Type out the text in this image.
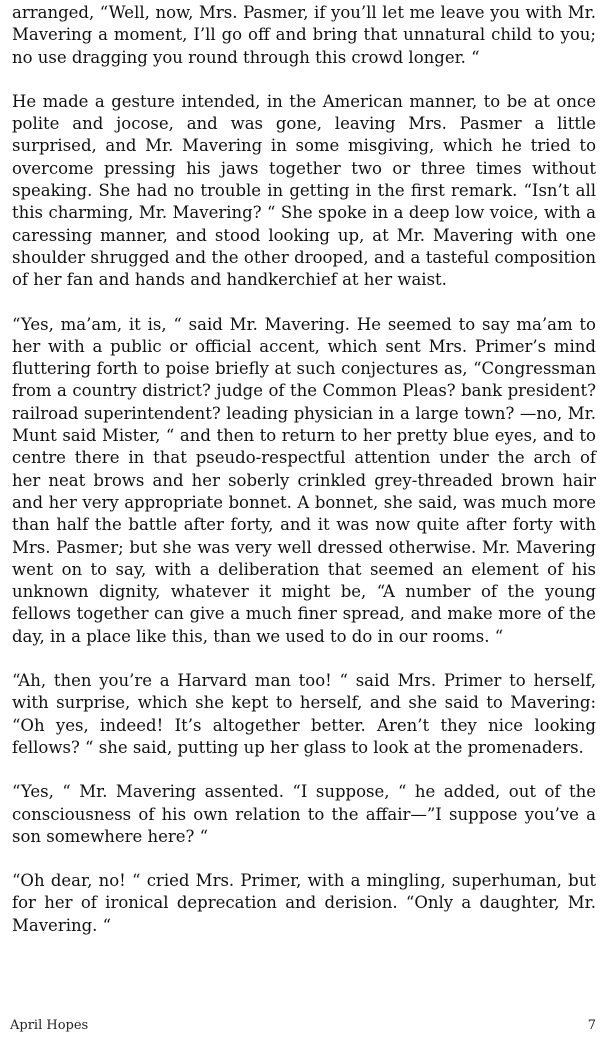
arranged, “Well, now, Mrs. Pasmer, if you’ll let me leave you with Mr. Mavering a moment, I’ll go off and bring that unnatural child to you; no use dragging you round through this crowd longer. “

He made a gesture intended, in the American manner, to be at once polite and jocose, and was gone, leaving Mrs. Pasmer a little surprised, and Mr. Mavering in some misgiving, which he tried to overcome pressing his jaws together two or three times without speaking. She had no trouble in getting in the first remark. “Isn’t all this charming, Mr. Mavering? “ She spoke in a deep low voice, with a caressing manner, and stood looking up, at Mr. Mavering with one shoulder shrugged and the other drooped, and a tasteful composition of her fan and hands and handkerchief at her waist.

“Yes, ma’am, it is, “ said Mr. Mavering. He seemed to say ma’am to her with a public or official accent, which sent Mrs. Primer’s mind fluttering forth to poise briefly at such conjectures as, “Congressman from a country district? judge of the Common Pleas? bank president? railroad superintendent? leading physician in a large town? —no, Mr. Munt said Mister, “ and then to return to her pretty blue eyes, and to centre there in that pseudo-respectful attention under the arch of her neat brows and her soberly crinkled grey-threaded brown hair and her very appropriate bonnet. A bonnet, she said, was much more than half the battle after forty, and it was now quite after forty with Mrs. Pasmer; but she was very well dressed otherwise. Mr. Mavering went on to say, with a deliberation that seemed an element of his unknown dignity, whatever it might be, “A number of the young fellows together can give a much finer spread, and make more of the day, in a place like this, than we used to do in our rooms. “

“Ah, then you’re a Harvard man too! “ said Mrs. Primer to herself, with surprise, which she kept to herself, and she said to Mavering: “Oh yes, indeed! It’s altogether better. Aren’t they nice looking fellows? “ she said, putting up her glass to look at the promenaders.

“Yes, “ Mr. Mavering assented. “I suppose, “ he added, out of the consciousness of his own relation to the affair—”I suppose you’ve a son somewhere here? “

“Oh dear, no! “ cried Mrs. Primer, with a mingling, superhuman, but for her of ironical deprecation and derision. “Only a daughter, Mr. Mavering. “

April Hopes	7
